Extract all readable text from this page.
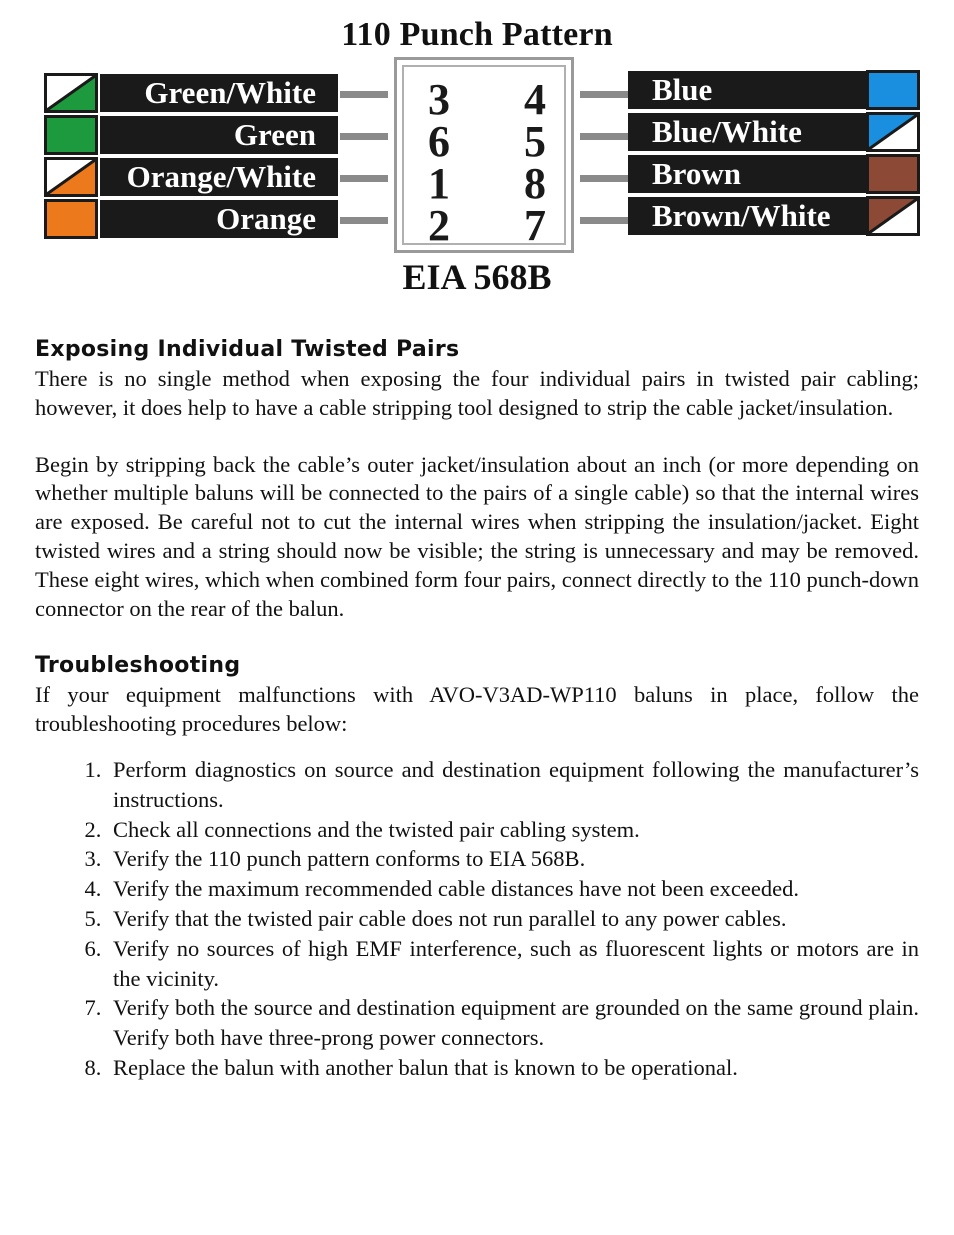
110 Punch Pattern
Green/White
Green
Orange/White
Orange
Blue
Blue/White
Brown
Brown/White
3
6
1
2
4
5
8
7
EIA 568B
Exposing Individual Twisted Pairs

There is no single method when exposing the four individual pairs in twisted pair cabling; however, it does help to have a cable stripping tool designed to strip the cable jacket/insulation.

Begin by stripping back the cable’s outer jacket/insulation about an inch (or more depending on whether multiple baluns will be connected to the pairs of a single cable) so that the internal wires are exposed. Be careful not to cut the internal wires when stripping the insulation/jacket. Eight twisted wires and a string should now be visible; the string is unnecessary and may be removed. These eight wires, which when combined form four pairs, connect directly to the 110 punch-down connector on the rear of the balun.

Troubleshooting

If your equipment malfunctions with AVO-V3AD-WP110 baluns in place, follow the troubleshooting procedures below:

1. Perform diagnostics on source and destination equipment following the manufacturer’s instructions.
2. Check all connections and the twisted pair cabling system.
3. Verify the 110 punch pattern conforms to EIA 568B.
4. Verify the maximum recommended cable distances have not been exceeded.
5. Verify that the twisted pair cable does not run parallel to any power cables.
6. Verify no sources of high EMF interference, such as fluorescent lights or motors are in the vicinity.
7. Verify both the source and destination equipment are grounded on the same ground plain. Verify both have three-prong power connectors.
8. Replace the balun with another balun that is known to be operational.
